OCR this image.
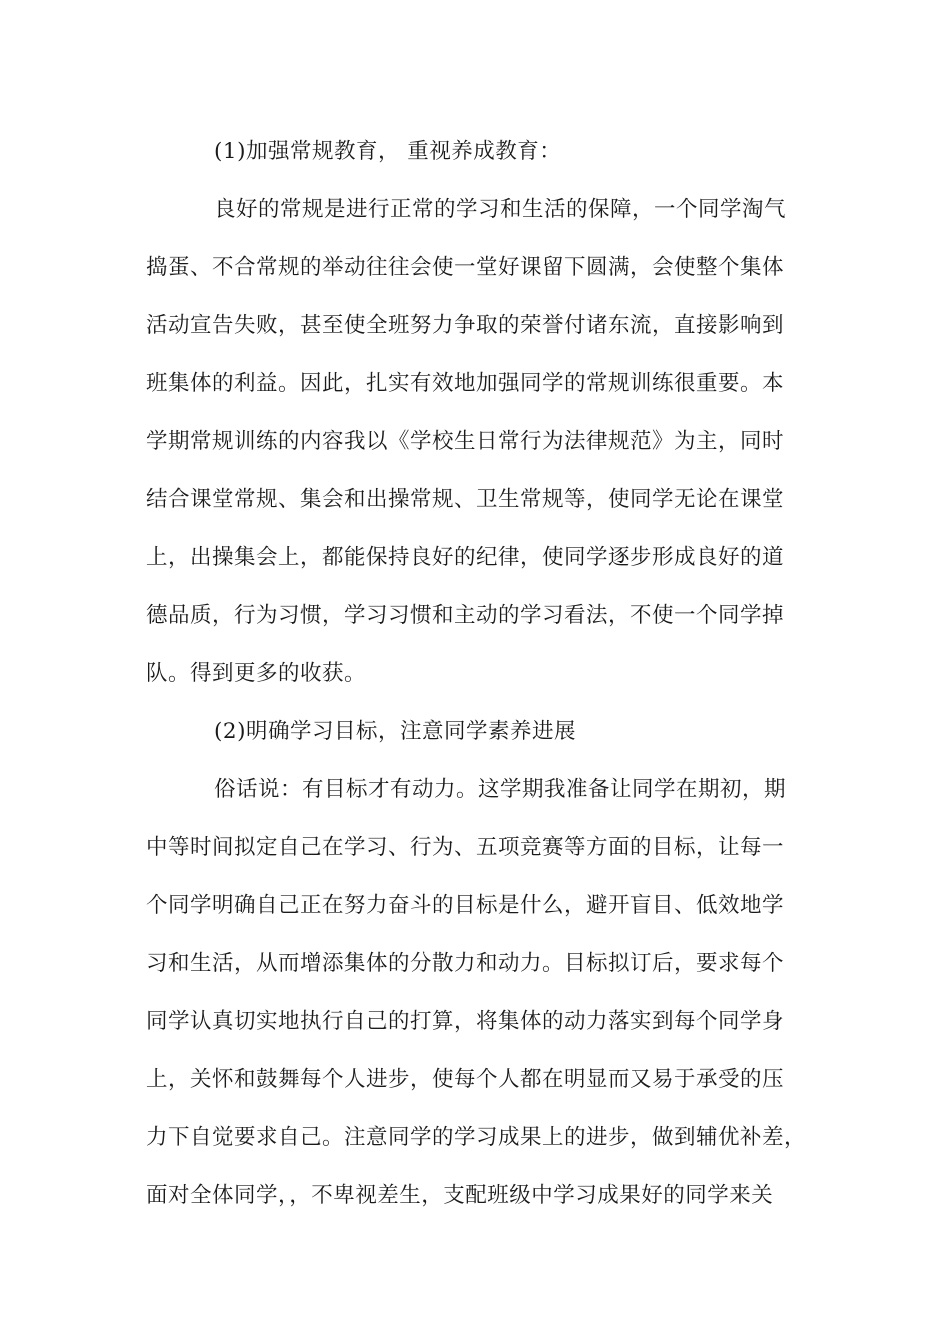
(1)加强常规教育， 重视养成教育：
良好的常规是进行正常的学习和生活的保障，一个同学淘气
捣蛋、不合常规的举动往往会使一堂好课留下圆满，会使整个集体
活动宣告失败，甚至使全班努力争取的荣誉付诸东流，直接影响到
班集体的利益。因此，扎实有效地加强同学的常规训练很重要。本
学期常规训练的内容我以《学校生日常行为法律规范》为主，同时
结合课堂常规、集会和出操常规、卫生常规等，使同学无论在课堂
上，出操集会上，都能保持良好的纪律，使同学逐步形成良好的道
德品质，行为习惯，学习习惯和主动的学习看法，不使一个同学掉
队。得到更多的收获。
(2)明确学习目标，注意同学素养进展
俗话说：有目标才有动力。这学期我准备让同学在期初，期
中等时间拟定自己在学习、行为、五项竞赛等方面的目标，让每一
个同学明确自己正在努力奋斗的目标是什么，避开盲目、低效地学
习和生活，从而增添集体的分散力和动力。目标拟订后，要求每个
同学认真切实地执行自己的打算，将集体的动力落实到每个同学身
上，关怀和鼓舞每个人进步，使每个人都在明显而又易于承受的压
力下自觉要求自己。注意同学的学习成果上的进步，做到辅优补差，
面对全体同学，，不卑视差生，支配班级中学习成果好的同学来关
